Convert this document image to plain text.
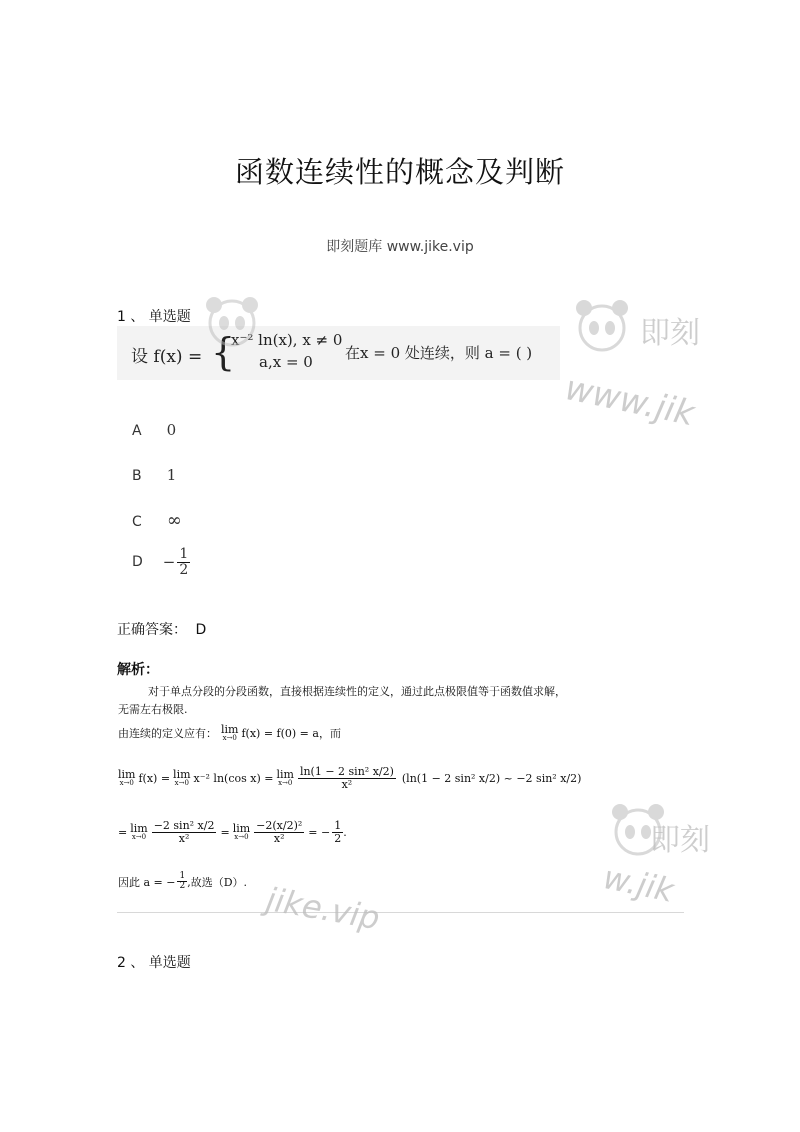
函数连续性的概念及判断
即刻题库 www.jike.vip
1 、 单选题
设 f(x) = {
x⁻² ln(x), x ≠ 0
a,x = 0 在x = 0 处连续，则 a = ( )
A 0
B 1
C ∞
$D - \frac{1}{2}$
正确答案： D
解析：
对于单点分段的分段函数，直接根据连续性的定义，通过此点极限值等于函数值求解，
无需左右极限.
由连续的定义应有： lim
x→0 f(x) = f(0) = a ，而
lim
x→0 f(x) = lim
x→0 x⁻² ln(cos x) = lim
$x\to 0 \frac{\text{ln(1 − 2 sin² x/2)}}{\text{x²}} (\ln(1 - 2$ sin² x/2) ~ −2 sin² x/2)
= lim
$x\to 0 \frac{\text{−2 sin² x/2}}{\text{x²}} = \lim$
$x\to 0 \frac{\text{−2(x/2)²}}{\text{x²}}$ = − $\frac{1}{2}$ .
因此 a = − $\frac{1}{2}$ ,故选（D）.
2 、 单选题
即刻
www.jik
即刻
w.jik
jike.vip
